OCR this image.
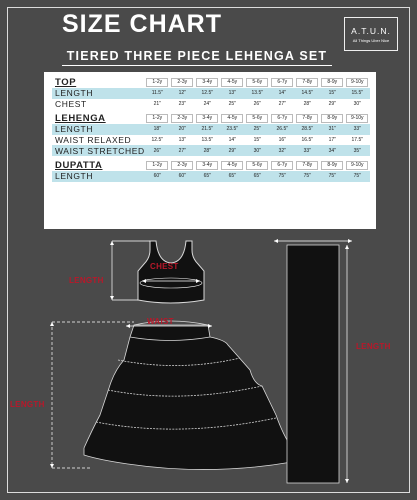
SIZE CHART	A.T.U.N.
All Things Uber Nice
TIERED THREE PIECE LEHENGA SET
TOP	1-2y	2-3y	3-4y	4-5y	5-6y	6-7y	7-8y	8-9y	9-10y
LENGTH	11.5"	12"	12.5"	13"	13.5"	14"	14.5"	15"	15.5"
CHEST	21"	23"	24"	25"	26"	27"	28"	29"	30"

LEHENGA	1-2y	2-3y	3-4y	4-5y	5-6y	6-7y	7-8y	8-9y	9-10y
LENGTH	18"	20"	21.5"	23.5"	25"	26.5"	28.5"	31"	33"
WAIST RELAXED	12.5"	13"	13.5"	14"	15"	16"	16.5"	17"	17.5"
WAIST STRETCHED	26"	27"	28"	29"	30"	32"	33"	34"	35"

DUPATTA	1-2y	2-3y	3-4y	4-5y	5-6y	6-7y	7-8y	8-9y	9-10y
LENGTH	60"	60"	65"	65"	65"	75"	75"	75"	75"
LENGTH
CHEST
WAIST
LENGTH
LENGTH
